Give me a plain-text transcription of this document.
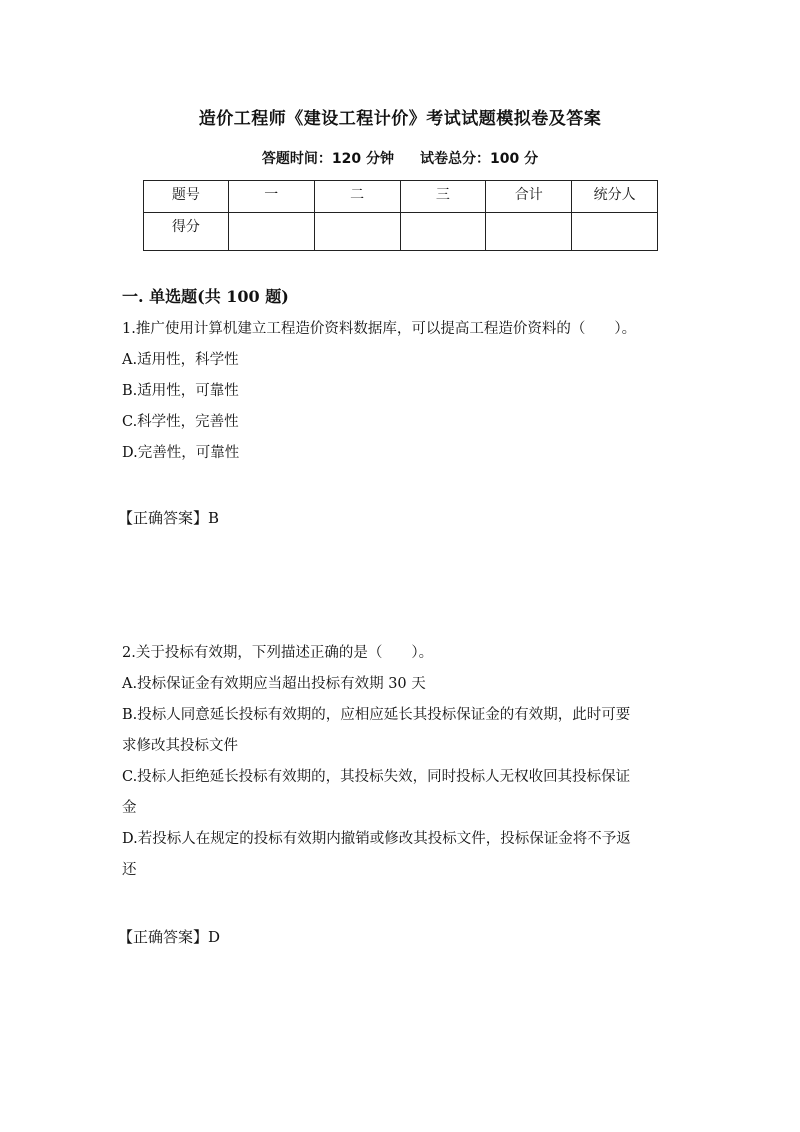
造价工程师《建设工程计价》考试试题模拟卷及答案
答题时间：120 分钟 试卷总分：100 分
题号	一	二	三	合计	统分人
得分					
一. 单选题(共 100 题)
1.推广使用计算机建立工程造价资料数据库，可以提高工程造价资料的（　　）。
A.适用性，科学性
B.适用性，可靠性
C.科学性，完善性
D.完善性，可靠性
【正确答案】B
2.关于投标有效期，下列描述正确的是（　　）。
A.投标保证金有效期应当超出投标有效期 30 天
B.投标人同意延长投标有效期的，应相应延长其投标保证金的有效期，此时可要
求修改其投标文件
C.投标人拒绝延长投标有效期的，其投标失效，同时投标人无权收回其投标保证
金
D.若投标人在规定的投标有效期内撤销或修改其投标文件，投标保证金将不予返
还
【正确答案】D
